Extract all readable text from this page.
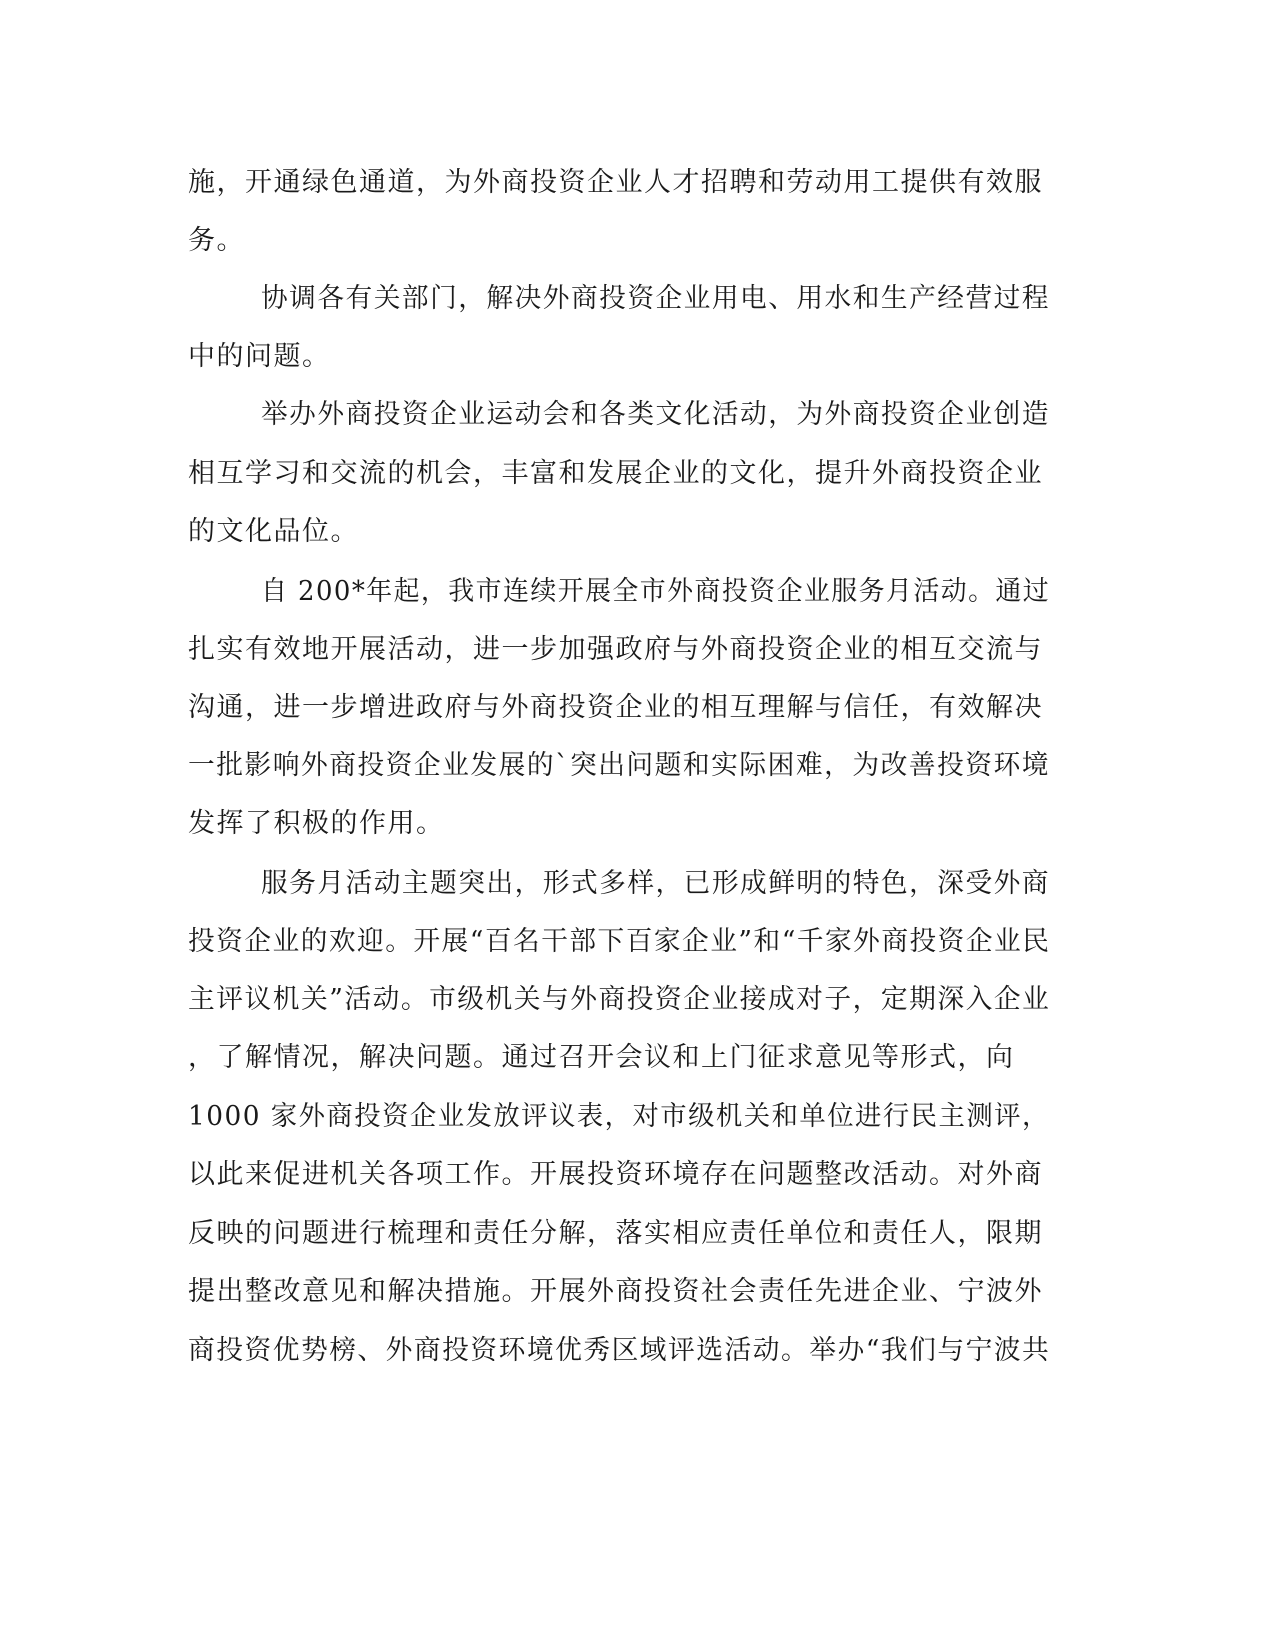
施，开通绿色通道，为外商投资企业人才招聘和劳动用工提供有效服
务。
协调各有关部门，解决外商投资企业用电、用水和生产经营过程
中的问题。
举办外商投资企业运动会和各类文化活动，为外商投资企业创造
相互学习和交流的机会，丰富和发展企业的文化，提升外商投资企业
的文化品位。
自 200*年起，我市连续开展全市外商投资企业服务月活动。通过
扎实有效地开展活动，进一步加强政府与外商投资企业的相互交流与
沟通，进一步增进政府与外商投资企业的相互理解与信任，有效解决
一批影响外商投资企业发展的`突出问题和实际困难，为改善投资环境
发挥了积极的作用。
服务月活动主题突出，形式多样，已形成鲜明的特色，深受外商
投资企业的欢迎。开展“百名干部下百家企业”和“千家外商投资企业民
主评议机关”活动。市级机关与外商投资企业接成对子，定期深入企业
，了解情况，解决问题。通过召开会议和上门征求意见等形式，向
1000 家外商投资企业发放评议表，对市级机关和单位进行民主测评，
以此来促进机关各项工作。开展投资环境存在问题整改活动。对外商
反映的问题进行梳理和责任分解，落实相应责任单位和责任人，限期
提出整改意见和解决措施。开展外商投资社会责任先进企业、宁波外
商投资优势榜、外商投资环境优秀区域评选活动。举办“我们与宁波共
